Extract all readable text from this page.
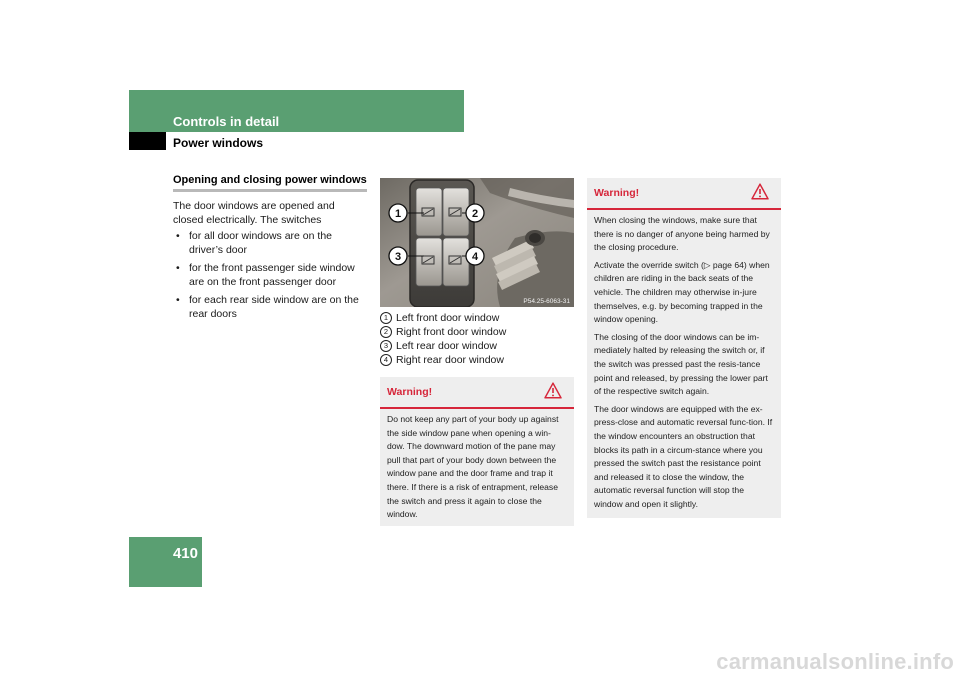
Controls in detail
Power windows
410
Opening and closing power windows
The door windows are opened and closed electrically. The switches
• for all door windows are on the driver’s door
• for the front passenger side window are on the front passenger door
• for each rear side window are on the rear doors
1	2
3	4
P54.25-6063-31
1 Left front door window
2 Right front door window
3 Left rear door window
4 Right rear door window
Warning!

Do not keep any part of your body up against the side window pane when opening a win-dow. The downward motion of the pane may pull that part of your body down between the window pane and the door frame and trap it there. If there is a risk of entrapment, release the switch and press it again to close the window.

Warning!

When closing the windows, make sure that there is no danger of anyone being harmed by the closing procedure.

Activate the override switch (▷ page 64) when children are riding in the back seats of the vehicle. The children may otherwise in-jure themselves, e.g. by becoming trapped in the window opening.

The closing of the door windows can be im-mediately halted by releasing the switch or, if the switch was pressed past the resis-tance point and released, by pressing the lower part of the respective switch again.

The door windows are equipped with the ex-press-close and automatic reversal func-tion. If the window encounters an obstruction that blocks its path in a circum-stance where you pressed the switch past the resistance point and released it to close the window, the automatic reversal function will stop the window and open it slightly.

carmanualsonline.info
